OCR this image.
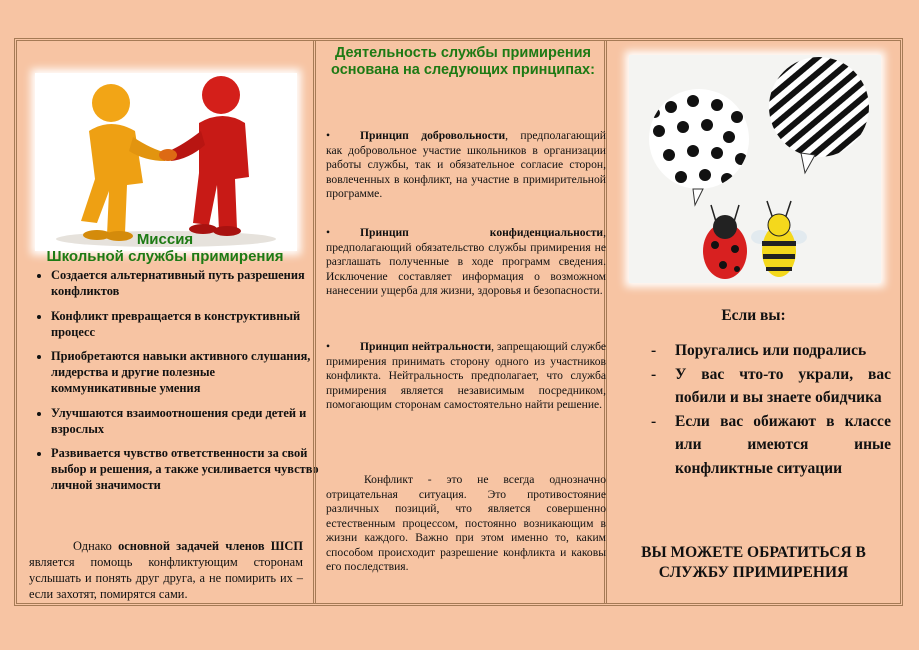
Миссия
Школьной службы примирения
• Создается альтернативный путь разрешения конфликтов
• Конфликт превращается в конструктивный процесс
• Приобретаются навыки активного слушания, лидерства и другие полезные коммуникативные умения
• Улучшаются взаимоотношения среди детей и взрослых
• Развивается чувство ответственности за свой выбор и решения, а также усиливается чувство личной значимости
Однако основной задачей членов ШСП является помощь конфликтующим сторонам услышать и понять друг друга, а не помирить их – если захотят, помирятся сами.
Деятельность службы примирения основана на следующих принципах:
•	Принцип добровольности, предполагающий как добровольное участие школьников в организации работы службы, так и обязательное согласие сторон, вовлеченных в конфликт, на участие в примирительной программе.
•	Принцип конфиденциальности, предполагающий обязательство службы примирения не разглашать полученные в ходе программ сведения. Исключение составляет информация о возможном нанесении ущерба для жизни, здоровья и безопасности.
•	Принцип нейтральности, запрещающий службе примирения принимать сторону одного из участников конфликта. Нейтральность предполагает, что служба примирения является независимым посредником, помогающим сторонам самостоятельно найти решение.
Конфликт - это не всегда однозначно отрицательная ситуация. Это противостояние различных позиций, что является совершенно естественным процессом, постоянно возникающим в жизни каждого. Важно при этом именно то, каким способом происходит разрешение конфликта и каковы его последствия.
Если вы:
- Поругались или подрались
- У вас что-то украли, вас побили и вы знаете обидчика
- Если вас обижают в классе или имеются иные конфликтные ситуации
ВЫ МОЖЕТЕ ОБРАТИТЬСЯ В СЛУЖБУ ПРИМИРЕНИЯ
